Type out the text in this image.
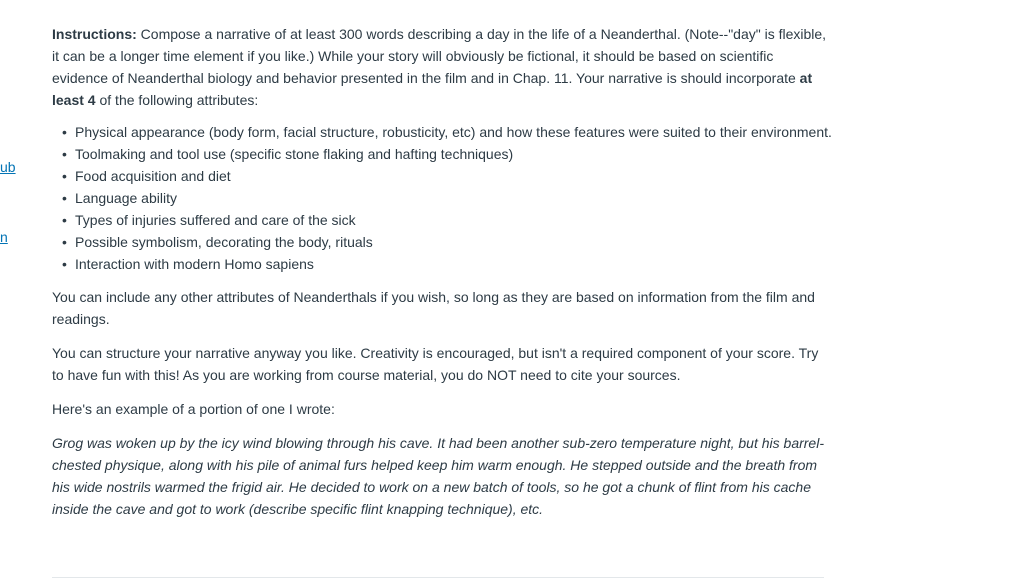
ub
n

Instructions: Compose a narrative of at least 300 words describing a day in the life of a Neanderthal. (Note--"day" is flexible, it can be a longer time element if you like.) While your story will obviously be fictional, it should be based on scientific evidence of Neanderthal biology and behavior presented in the film and in Chap. 11. Your narrative is should incorporate at least 4 of the following attributes:

• Physical appearance (body form, facial structure, robusticity, etc) and how these features were suited to their environment.
• Toolmaking and tool use (specific stone flaking and hafting techniques)
• Food acquisition and diet
• Language ability
• Types of injuries suffered and care of the sick
• Possible symbolism, decorating the body, rituals
• Interaction with modern Homo sapiens

You can include any other attributes of Neanderthals if you wish, so long as they are based on information from the film and readings.

You can structure your narrative anyway you like. Creativity is encouraged, but isn't a required component of your score. Try to have fun with this! As you are working from course material, you do NOT need to cite your sources.

Here's an example of a portion of one I wrote:

Grog was woken up by the icy wind blowing through his cave. It had been another sub-zero temperature night, but his barrel-chested physique, along with his pile of animal furs helped keep him warm enough. He stepped outside and the breath from his wide nostrils warmed the frigid air. He decided to work on a new batch of tools, so he got a chunk of flint from his cache inside the cave and got to work (describe specific flint knapping technique), etc.
